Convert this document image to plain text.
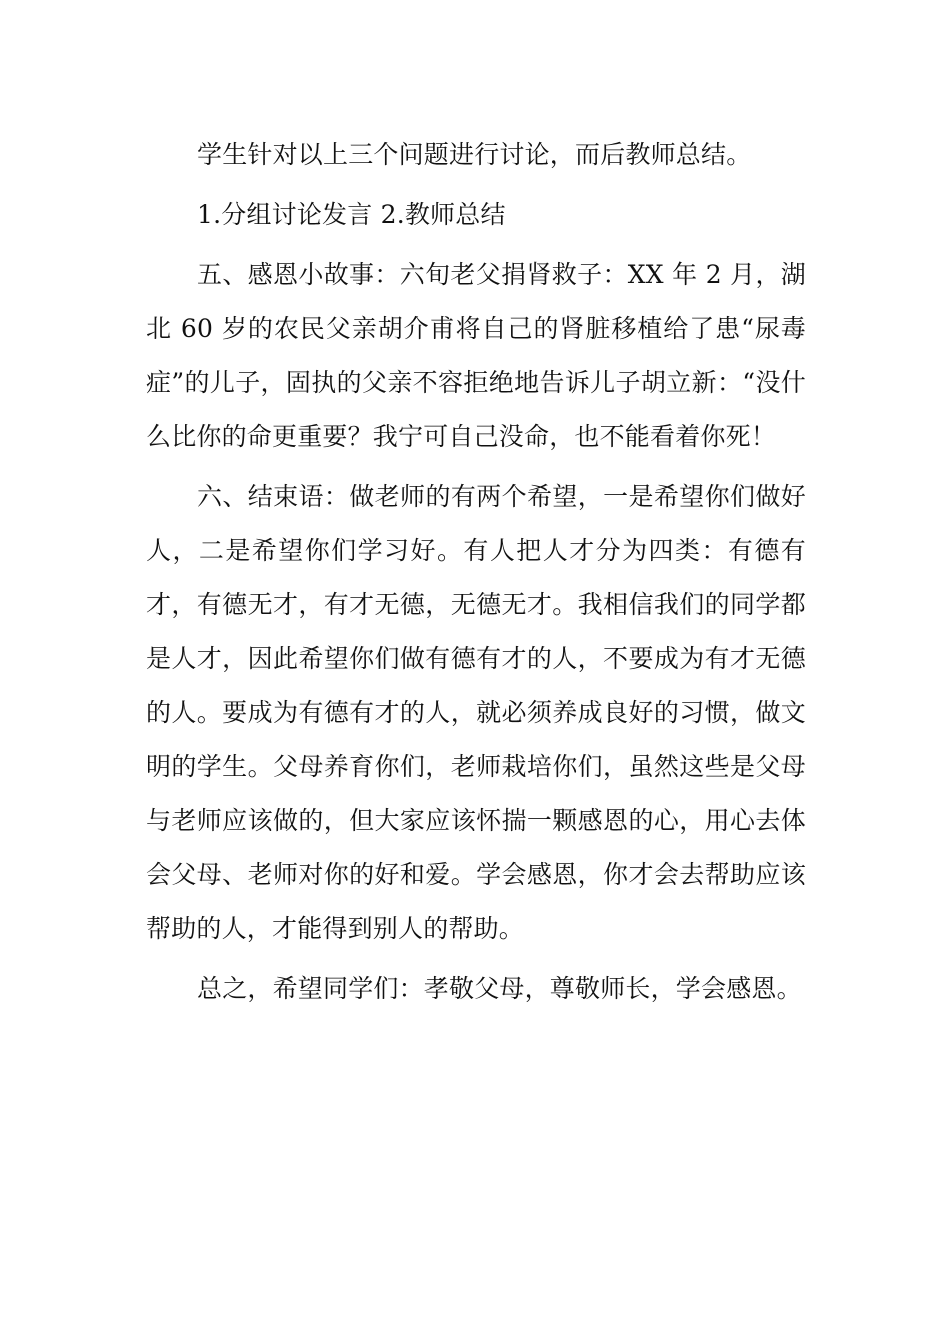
学生针对以上三个问题进行讨论，而后教师总结。

1.分组讨论发言 2.教师总结

五、感恩小故事：六旬老父捐肾救子：XX 年 2 月，湖北 60 岁的农民父亲胡介甫将自己的肾脏移植给了患“尿毒症”的儿子，固执的父亲不容拒绝地告诉儿子胡立新：“没什么比你的命更重要？我宁可自己没命，也不能看着你死！

六、结束语：做老师的有两个希望，一是希望你们做好人，二是希望你们学习好。有人把人才分为四类：有德有才，有德无才，有才无德，无德无才。我相信我们的同学都是人才，因此希望你们做有德有才的人，不要成为有才无德的人。要成为有德有才的人，就必须养成良好的习惯，做文明的学生。父母养育你们，老师栽培你们，虽然这些是父母与老师应该做的，但大家应该怀揣一颗感恩的心，用心去体会父母、老师对你的好和爱。学会感恩，你才会去帮助应该帮助的人，才能得到别人的帮助。

总之，希望同学们：孝敬父母，尊敬师长，学会感恩。
